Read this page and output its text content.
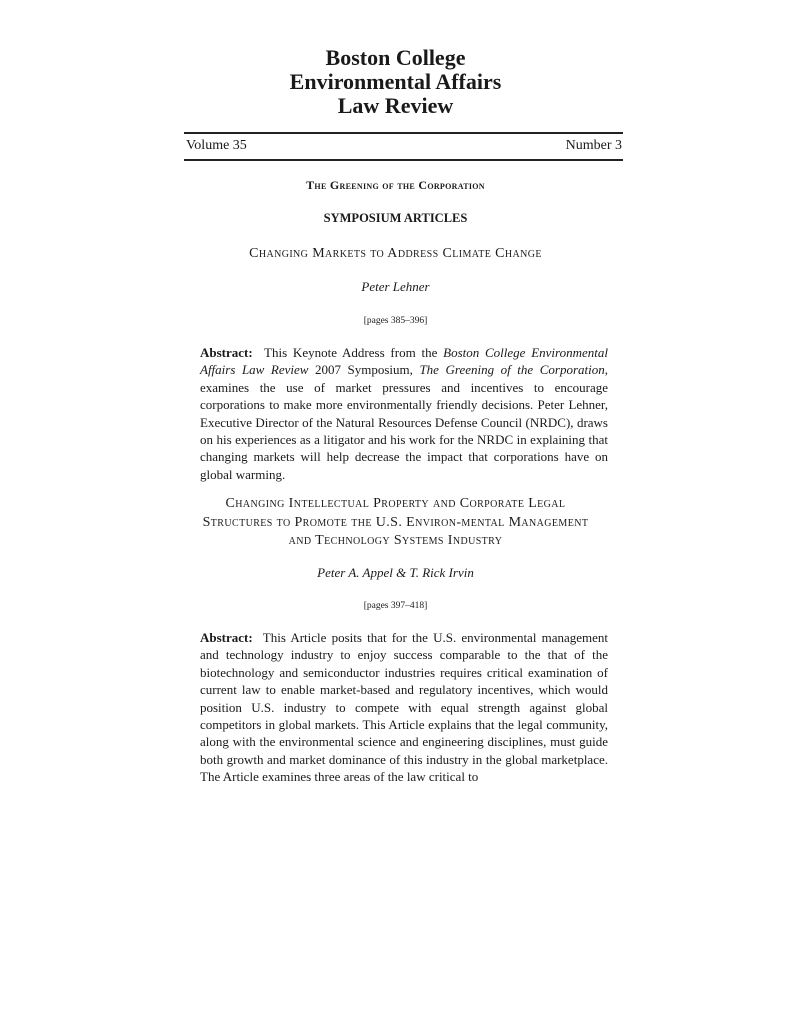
Boston College
Environmental Affairs
Law Review
Volume 35	Number 3
The Greening of the Corporation
SYMPOSIUM ARTICLES
Changing Markets to Address Climate Change
Peter Lehner
[pages 385–396]
Abstract: This Keynote Address from the Boston College Environmental Affairs Law Review 2007 Symposium, The Greening of the Corporation, examines the use of market pressures and incentives to encourage corporations to make more environmentally friendly decisions. Peter Lehner, Executive Director of the Natural Resources Defense Council (NRDC), draws on his experiences as a litigator and his work for the NRDC in explaining that changing markets will help decrease the impact that corporations have on global warming.
Changing Intellectual Property and Corporate Legal
Structures to Promote the U.S. Environ-mental Management
and Technology Systems Industry
Peter A. Appel & T. Rick Irvin
[pages 397–418]
Abstract: This Article posits that for the U.S. environmental management and technology industry to enjoy success comparable to the that of the biotechnology and semiconductor industries requires critical examination of current law to enable market-based and regulatory incentives, which would position U.S. industry to compete with equal strength against global competitors in global markets. This Article explains that the legal community, along with the environmental science and engineering disciplines, must guide both growth and market dominance of this industry in the global marketplace. The Article examines three areas of the law critical to
